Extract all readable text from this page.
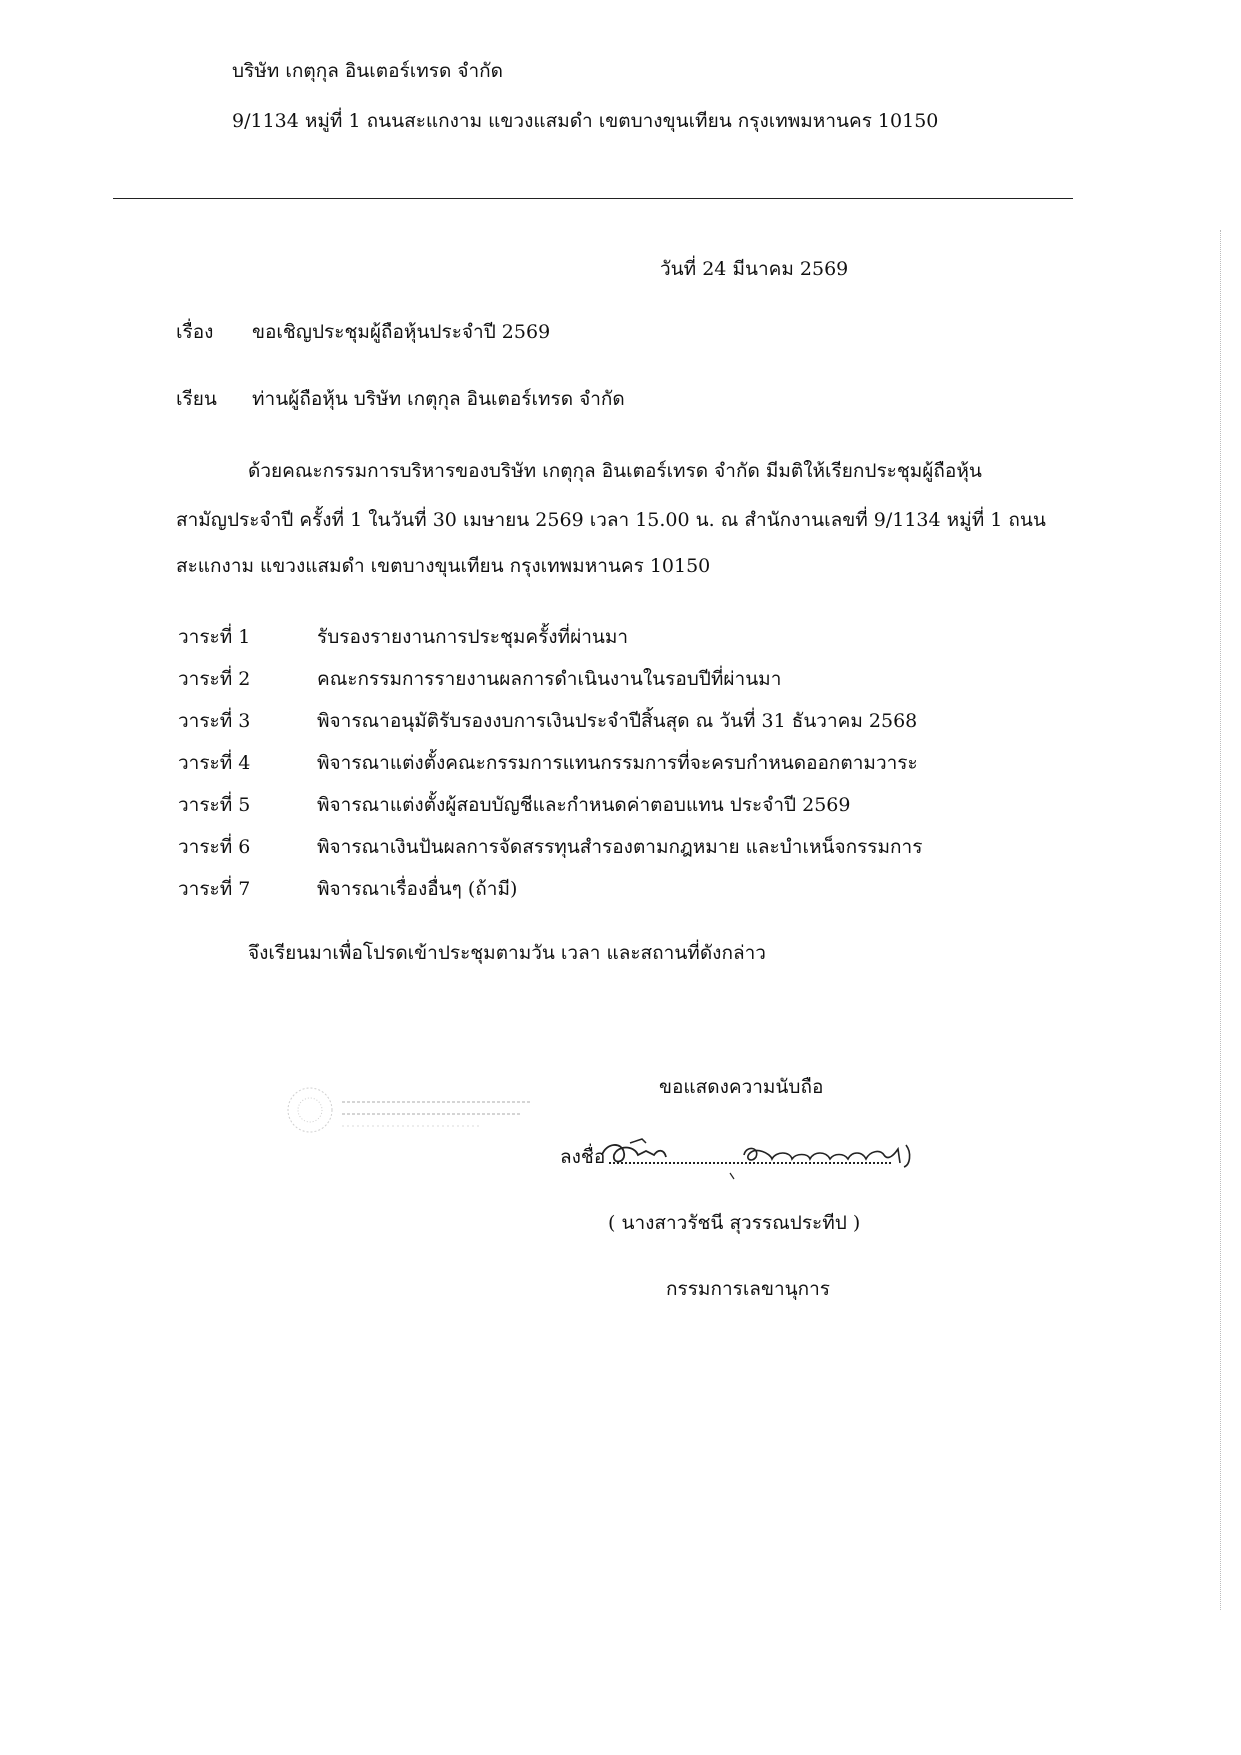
บริษัท เกตุกุล อินเตอร์เทรด จำกัด
9/1134 หมู่ที่ 1 ถนนสะแกงาม แขวงแสมดำ เขตบางขุนเทียน กรุงเทพมหานคร 10150
วันที่ 24 มีนาคม 2569
เรื่อง ขอเชิญประชุมผู้ถือหุ้นประจำปี 2569
เรียน ท่านผู้ถือหุ้น บริษัท เกตุกุล อินเตอร์เทรด จำกัด
ด้วยคณะกรรมการบริหารของบริษัท เกตุกุล อินเตอร์เทรด จำกัด มีมติให้เรียกประชุมผู้ถือหุ้น
สามัญประจำปี ครั้งที่ 1 ในวันที่ 30 เมษายน 2569 เวลา 15.00 น. ณ สำนักงานเลขที่ 9/1134 หมู่ที่ 1 ถนน
สะแกงาม แขวงแสมดำ เขตบางขุนเทียน กรุงเทพมหานคร 10150
วาระที่ 1	รับรองรายงานการประชุมครั้งที่ผ่านมา
วาระที่ 2	คณะกรรมการรายงานผลการดำเนินงานในรอบปีที่ผ่านมา
วาระที่ 3	พิจารณาอนุมัติรับรองงบการเงินประจำปีสิ้นสุด ณ วันที่ 31 ธันวาคม 2568
วาระที่ 4	พิจารณาแต่งตั้งคณะกรรมการแทนกรรมการที่จะครบกำหนดออกตามวาระ
วาระที่ 5	พิจารณาแต่งตั้งผู้สอบบัญชีและกำหนดค่าตอบแทน ประจำปี 2569
วาระที่ 6	พิจารณาเงินปันผลการจัดสรรทุนสำรองตามกฎหมาย และบำเหน็จกรรมการ
วาระที่ 7	พิจารณาเรื่องอื่นๆ (ถ้ามี)
จึงเรียนมาเพื่อโปรดเข้าประชุมตามวัน เวลา และสถานที่ดังกล่าว
ขอแสดงความนับถือ
ลงชื่อ
( นางสาวรัชนี สุวรรณประทีป )
กรรมการเลขานุการ
